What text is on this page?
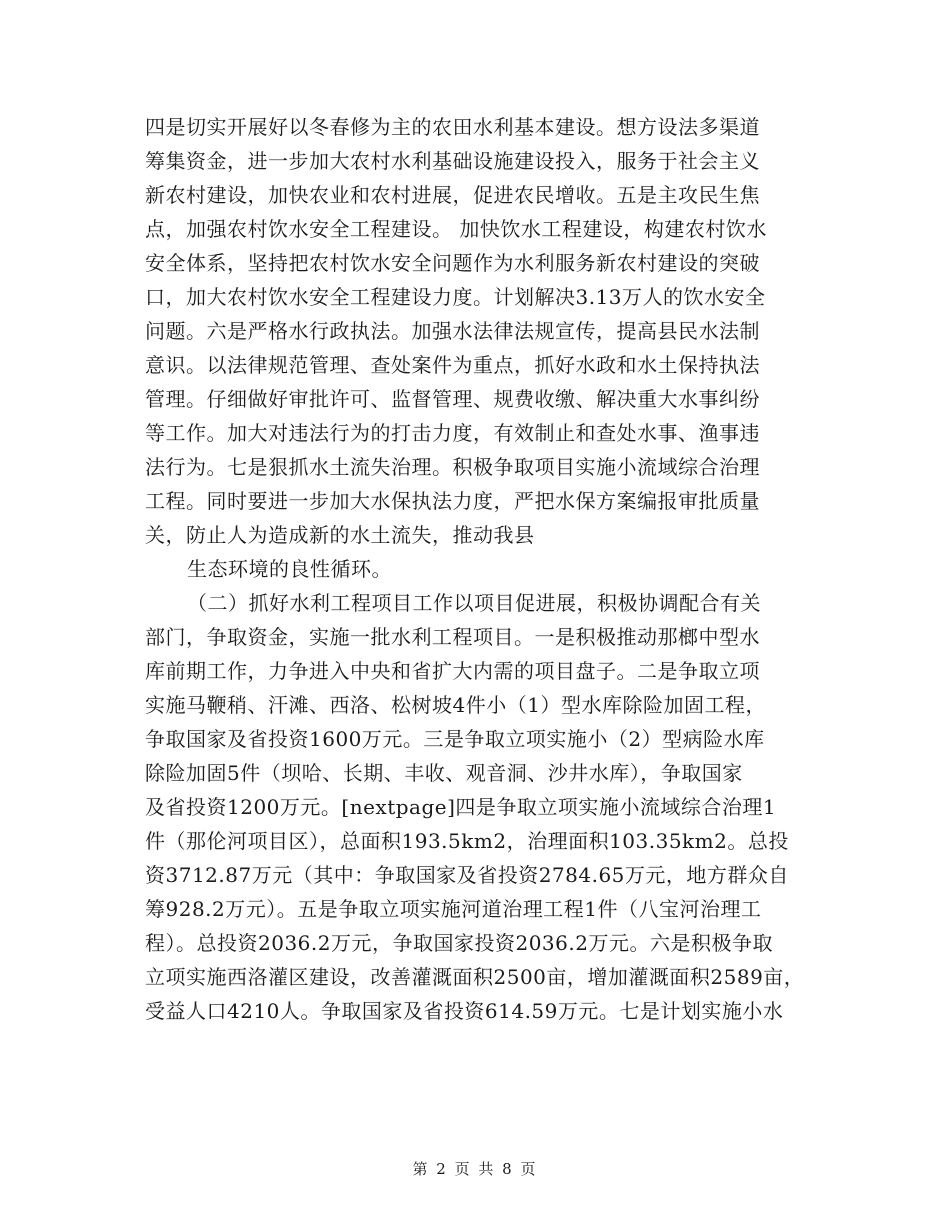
四是切实开展好以冬春修为主的农田水利基本建设。想方设法多渠道
筹集资金，进一步加大农村水利基础设施建设投入，服务于社会主义
新农村建设，加快农业和农村进展，促进农民增收。五是主攻民生焦
点，加强农村饮水安全工程建设。 加快饮水工程建设，构建农村饮水
安全体系，坚持把农村饮水安全问题作为水利服务新农村建设的突破
口，加大农村饮水安全工程建设力度。计划解决3.13万人的饮水安全
问题。六是严格水行政执法。加强水法律法规宣传，提高县民水法制
意识。以法律规范管理、查处案件为重点，抓好水政和水土保持执法
管理。仔细做好审批许可、监督管理、规费收缴、解决重大水事纠纷
等工作。加大对违法行为的打击力度，有效制止和查处水事、渔事违
法行为。七是狠抓水土流失治理。积极争取项目实施小流域综合治理
工程。同时要进一步加大水保执法力度，严把水保方案编报审批质量
关，防止人为造成新的水土流失，推动我县
生态环境的良性循环。
（二）抓好水利工程项目工作以项目促进展，积极协调配合有关
部门，争取资金，实施一批水利工程项目。一是积极推动那榔中型水
库前期工作，力争进入中央和省扩大内需的项目盘子。二是争取立项
实施马鞭稍、汗滩、西洛、松树坡4件小（1）型水库除险加固工程，
争取国家及省投资1600万元。三是争取立项实施小（2）型病险水库
除险加固5件（坝哈、长期、丰收、观音洞、沙井水库），争取国家
及省投资1200万元。[nextpage]四是争取立项实施小流域综合治理1
件（那伦河项目区），总面积193.5km2，治理面积103.35km2。总投
资3712.87万元（其中：争取国家及省投资2784.65万元，地方群众自
筹928.2万元）。五是争取立项实施河道治理工程1件（八宝河治理工
程）。总投资2036.2万元，争取国家投资2036.2万元。六是积极争取
立项实施西洛灌区建设，改善灌溉面积2500亩，增加灌溉面积2589亩，
受益人口4210人。争取国家及省投资614.59万元。七是计划实施小水
第 2 页 共 8 页
